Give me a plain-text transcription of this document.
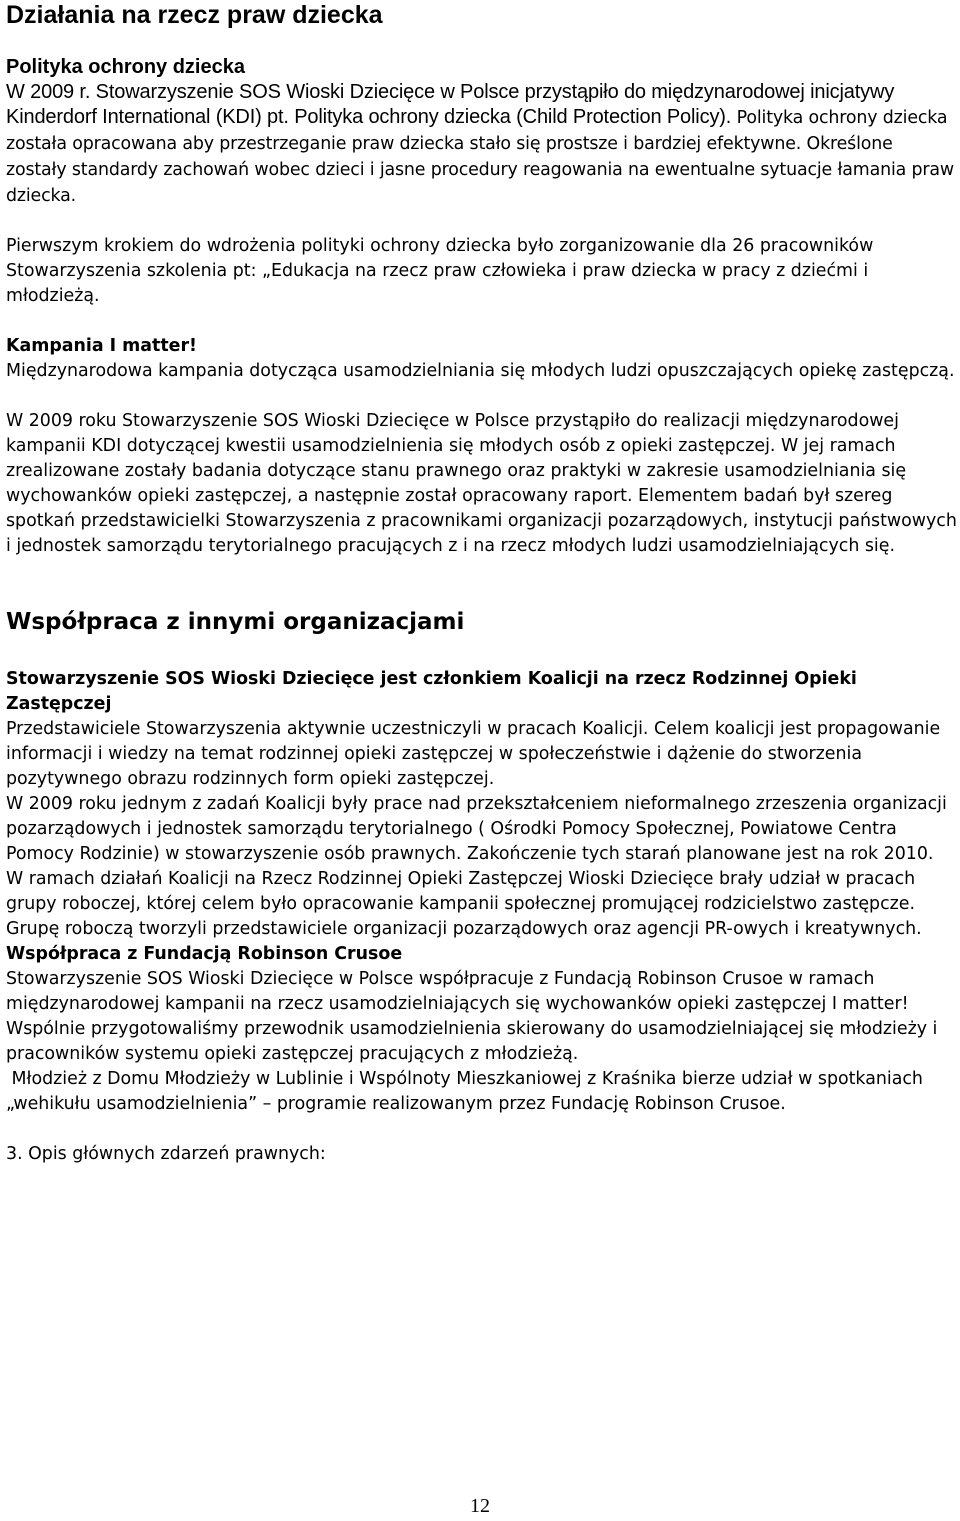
Działania na rzecz praw dziecka

Polityka ochrony dziecka

W 2009 r. Stowarzyszenie SOS Wioski Dziecięce w Polsce przystąpiło do międzynarodowej inicjatywy Kinderdorf International (KDI) pt. Polityka ochrony dziecka (Child Protection Policy). Polityka ochrony dziecka została opracowana aby przestrzeganie praw dziecka stało się prostsze i bardziej efektywne. Określone zostały standardy zachowań wobec dzieci i jasne procedury reagowania na ewentualne sytuacje łamania praw dziecka.

Pierwszym krokiem do wdrożenia polityki ochrony dziecka było zorganizowanie dla 26 pracowników Stowarzyszenia szkolenia pt: „Edukacja na rzecz praw człowieka i praw dziecka w pracy z dziećmi i młodzieżą.

Kampania I matter!

Międzynarodowa kampania dotycząca usamodzielniania się młodych ludzi opuszczających opiekę zastępczą.

W 2009 roku Stowarzyszenie SOS Wioski Dziecięce w Polsce przystąpiło do realizacji międzynarodowej kampanii KDI dotyczącej kwestii usamodzielnienia się młodych osób z opieki zastępczej. W jej ramach zrealizowane zostały badania dotyczące stanu prawnego oraz praktyki w zakresie usamodzielniania się wychowanków opieki zastępczej, a następnie został opracowany raport. Elementem badań był szereg spotkań przedstawicielki Stowarzyszenia z pracownikami organizacji pozarządowych, instytucji państwowych i jednostek samorządu terytorialnego pracujących z i na rzecz młodych ludzi usamodzielniających się.

Współpraca z innymi organizacjami

Stowarzyszenie SOS Wioski Dziecięce jest członkiem Koalicji na rzecz Rodzinnej Opieki Zastępczej

Przedstawiciele Stowarzyszenia aktywnie uczestniczyli w pracach Koalicji. Celem koalicji jest propagowanie informacji i wiedzy na temat rodzinnej opieki zastępczej w społeczeństwie i dążenie do stworzenia pozytywnego obrazu rodzinnych form opieki zastępczej.

W 2009 roku jednym z zadań Koalicji były prace nad przekształceniem nieformalnego zrzeszenia organizacji pozarządowych i jednostek samorządu terytorialnego ( Ośrodki Pomocy Społecznej, Powiatowe Centra Pomocy Rodzinie) w stowarzyszenie osób prawnych. Zakończenie tych starań planowane jest na rok 2010.

W ramach działań Koalicji na Rzecz Rodzinnej Opieki Zastępczej Wioski Dziecięce brały udział w pracach grupy roboczej, której celem było opracowanie kampanii społecznej promującej rodzicielstwo zastępcze. Grupę roboczą tworzyli przedstawiciele organizacji pozarządowych oraz agencji PR-owych i kreatywnych.

Współpraca z Fundacją Robinson Crusoe

Stowarzyszenie SOS Wioski Dziecięce w Polsce współpracuje z Fundacją Robinson Crusoe w ramach międzynarodowej kampanii na rzecz usamodzielniających się wychowanków opieki zastępczej I matter!

Wspólnie przygotowaliśmy przewodnik usamodzielnienia skierowany do usamodzielniającej się młodzieży i pracowników systemu opieki zastępczej pracujących z młodzieżą.

Młodzież z Domu Młodzieży w Lublinie i Wspólnoty Mieszkaniowej z Kraśnika bierze udział w spotkaniach „wehikułu usamodzielnienia” – programie realizowanym przez Fundację Robinson Crusoe.

3. Opis głównych zdarzeń prawnych:

12
